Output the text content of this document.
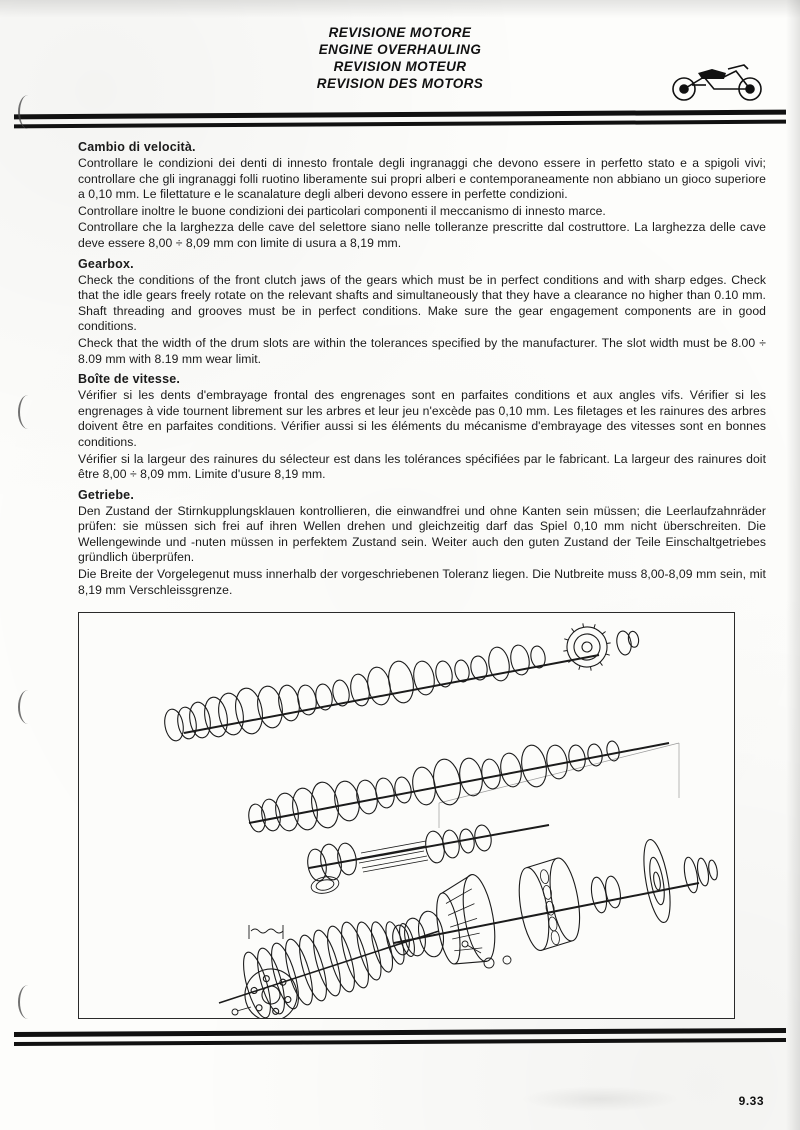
REVISIONE MOTORE
ENGINE OVERHAULING
REVISION MOTEUR
REVISION DES MOTORS

Cambio di velocità.

Controllare le condizioni dei denti di innesto frontale degli ingranaggi che devono essere in perfetto stato e a spigoli vivi; controllare che gli ingranaggi folli ruotino liberamente sui propri alberi e contemporaneamente non abbiano un gioco superiore a 0,10 mm. Le filettature e le scanalature degli alberi devono essere in perfette condizioni.

Controllare inoltre le buone condizioni dei particolari componenti il meccanismo di innesto marce.

Controllare che la larghezza delle cave del selettore siano nelle tolleranze prescritte dal costruttore. La larghezza delle cave deve essere 8,00 ÷ 8,09 mm con limite di usura a 8,19 mm.

Gearbox.

Check the conditions of the front clutch jaws of the gears which must be in perfect conditions and with sharp edges. Check that the idle gears freely rotate on the relevant shafts and simultaneously that they have a clearance no higher than 0.10 mm. Shaft threading and grooves must be in perfect conditions. Make sure the gear engagement components are in good conditions.

Check that the width of the drum slots are within the tolerances specified by the manufacturer. The slot width must be 8.00 ÷ 8.09 mm with 8.19 mm wear limit.

Boîte de vitesse.

Vérifier si les dents d'embrayage frontal des engrenages sont en parfaites conditions et aux angles vifs. Vérifier si les engrenages à vide tournent librement sur les arbres et leur jeu n'excède pas 0,10 mm. Les filetages et les rainures des arbres doivent être en parfaites conditions. Vérifier aussi si les éléments du mécanisme d'embrayage des vitesses sont en bonnes conditions.

Vérifier si la largeur des rainures du sélecteur est dans les tolérances spécifiées par le fabricant. La largeur des rainures doit être 8,00 ÷ 8,09 mm. Limite d'usure 8,19 mm.

Getriebe.

Den Zustand der Stirnkupplungsklauen kontrollieren, die einwandfrei und ohne Kanten sein müssen; die Leerlaufzahnräder prüfen: sie müssen sich frei auf ihren Wellen drehen und gleichzeitig darf das Spiel 0,10 mm nicht überschreiten. Die Wellengewinde und -nuten müssen in perfektem Zustand sein. Weiter auch den guten Zustand der Teile Einschaltgetriebes gründlich überprüfen.

Die Breite der Vorgelegenut muss innerhalb der vorgeschriebenen Toleranz liegen. Die Nutbreite muss 8,00-8,09 mm sein, mit 8,19 mm Verschleissgrenze.

9.33
